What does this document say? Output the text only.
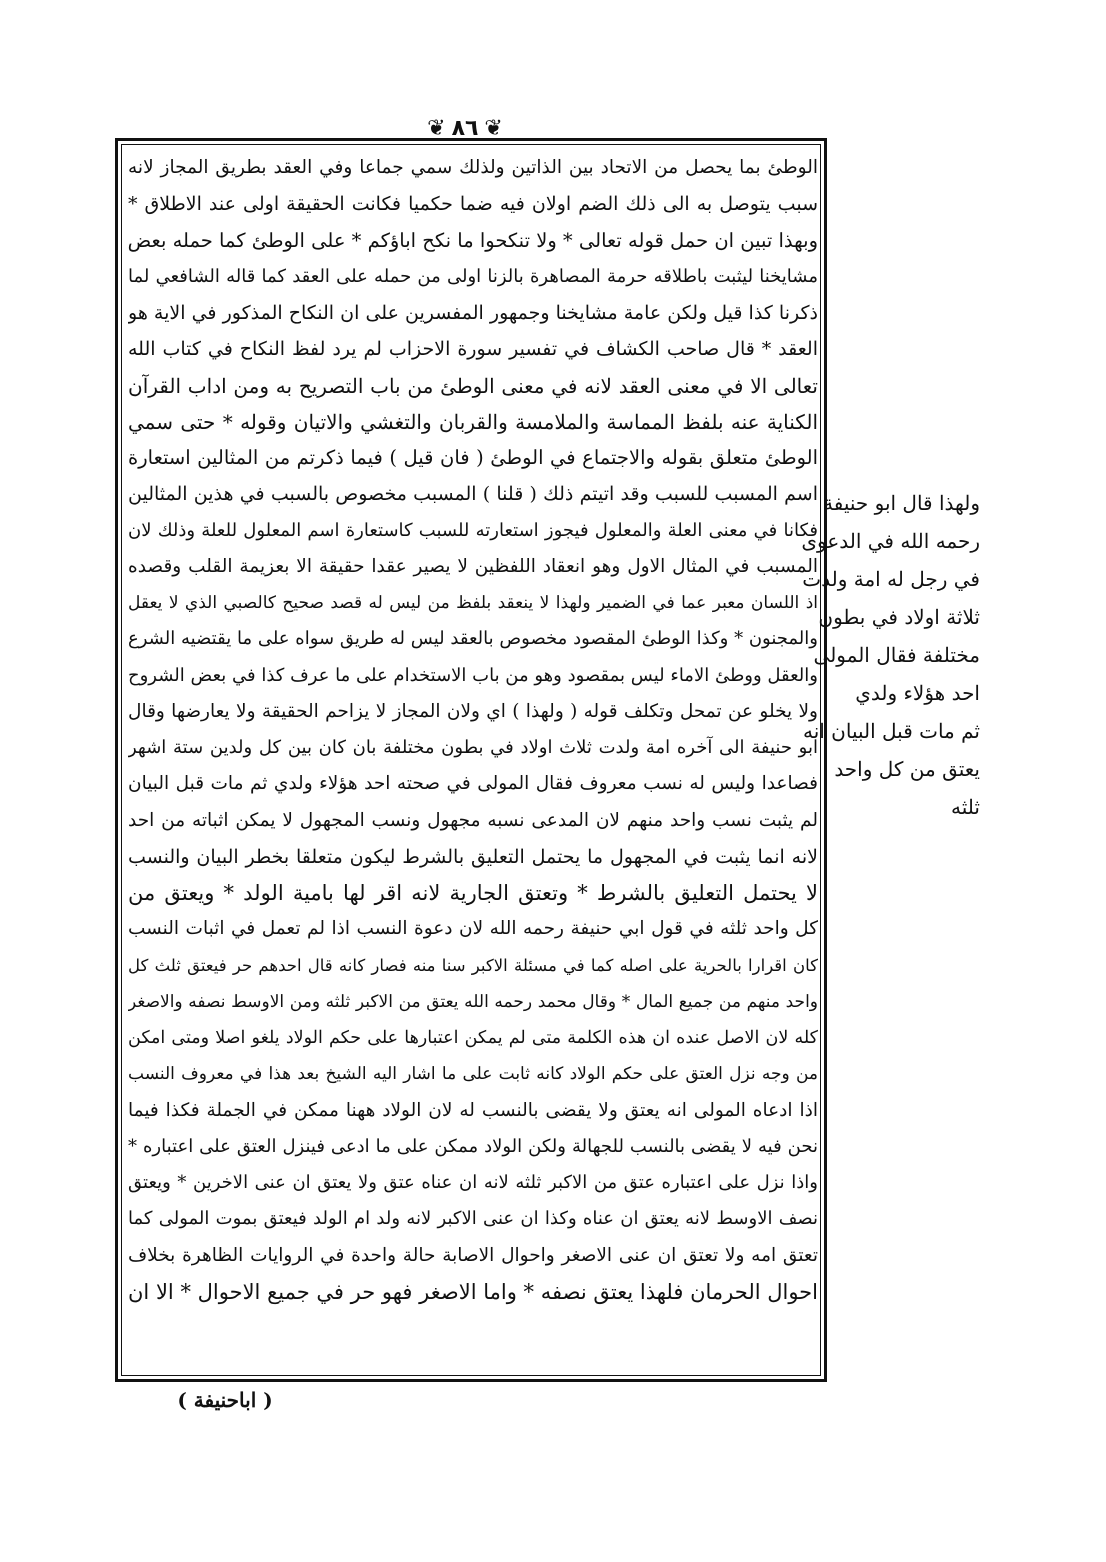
❦ ٨٦ ❦
الوطئ بما يحصل من الاتحاد بين الذاتين ولذلك سمي جماعا وفي العقد بطريق المجاز لانه
سبب يتوصل به الى ذلك الضم اولان فيه ضما حكميا فكانت الحقيقة اولى عند الاطلاق *
وبهذا تبين ان حمل قوله تعالى * ولا تنكحوا ما نكح اباؤكم * على الوطئ كما حمله بعض
مشايخنا ليثبت باطلاقه حرمة المصاهرة بالزنا اولى من حمله على العقد كما قاله الشافعي لما
ذكرنا كذا قيل ولكن عامة مشايخنا وجمهور المفسرين على ان النكاح المذكور في الاية هو
العقد * قال صاحب الكشاف في تفسير سورة الاحزاب لم يرد لفظ النكاح في كتاب الله
تعالى الا في معنى العقد لانه في معنى الوطئ من باب التصريح به ومن اداب القرآن
الكناية عنه بلفظ المماسة والملامسة والقربان والتغشي والاتيان وقوله * حتى سمي
الوطئ متعلق بقوله والاجتماع في الوطئ ( فان قيل ) فيما ذكرتم من المثالين استعارة
اسم المسبب للسبب وقد اتيتم ذلك ( قلنا ) المسبب مخصوص بالسبب في هذين المثالين
فكانا في معنى العلة والمعلول فيجوز استعارته للسبب كاستعارة اسم المعلول للعلة وذلك لان
المسبب في المثال الاول وهو انعقاد اللفظين لا يصير عقدا حقيقة الا بعزيمة القلب وقصده
اذ اللسان معبر عما في الضمير ولهذا لا ينعقد بلفظ من ليس له قصد صحيح كالصبي الذي لا يعقل
والمجنون * وكذا الوطئ المقصود مخصوص بالعقد ليس له طريق سواه على ما يقتضيه الشرع
والعقل ووطئ الاماء ليس بمقصود وهو من باب الاستخدام على ما عرف كذا في بعض الشروح
ولا يخلو عن تمحل وتكلف قوله ( ولهذا ) اي ولان المجاز لا يزاحم الحقيقة ولا يعارضها وقال
ابو حنيفة الى آخره امة ولدت ثلاث اولاد في بطون مختلفة بان كان بين كل ولدين ستة اشهر
فصاعدا وليس له نسب معروف فقال المولى في صحته احد هؤلاء ولدي ثم مات قبل البيان
لم يثبت نسب واحد منهم لان المدعى نسبه مجهول ونسب المجهول لا يمكن اثباته من احد
لانه انما يثبت في المجهول ما يحتمل التعليق بالشرط ليكون متعلقا بخطر البيان والنسب
لا يحتمل التعليق بالشرط * وتعتق الجارية لانه اقر لها بامية الولد * ويعتق من
كل واحد ثلثه في قول ابي حنيفة رحمه الله لان دعوة النسب اذا لم تعمل في اثبات النسب
كان اقرارا بالحرية على اصله كما في مسئلة الاكبر سنا منه فصار كانه قال احدهم حر فيعتق ثلث كل
واحد منهم من جميع المال * وقال محمد رحمه الله يعتق من الاكبر ثلثه ومن الاوسط نصفه والاصغر
كله لان الاصل عنده ان هذه الكلمة متى لم يمكن اعتبارها على حكم الولاد يلغو اصلا ومتى امكن
من وجه نزل العتق على حكم الولاد كانه ثابت على ما اشار اليه الشيخ بعد هذا في معروف النسب
اذا ادعاه المولى انه يعتق ولا يقضى بالنسب له لان الولاد ههنا ممكن في الجملة فكذا فيما
نحن فيه لا يقضى بالنسب للجهالة ولكن الولاد ممكن على ما ادعى فينزل العتق على اعتباره *
واذا نزل على اعتباره عتق من الاكبر ثلثه لانه ان عناه عتق ولا يعتق ان عنى الاخرين * ويعتق
نصف الاوسط لانه يعتق ان عناه وكذا ان عنى الاكبر لانه ولد ام الولد فيعتق بموت المولى كما
تعتق امه ولا تعتق ان عنى الاصغر واحوال الاصابة حالة واحدة في الروايات الظاهرة بخلاف
احوال الحرمان فلهذا يعتق نصفه * واما الاصغر فهو حر في جميع الاحوال * الا ان
ولهذا قال ابو حنيفة
رحمه الله في الدعوى
في رجل له امة ولدت
ثلاثة اولاد في بطون
مختلفة فقال المولى
احد هؤلاء ولدي
ثم مات قبل البيان انه
يعتق من كل واحد
ثلثه
( اباحنيفة )
